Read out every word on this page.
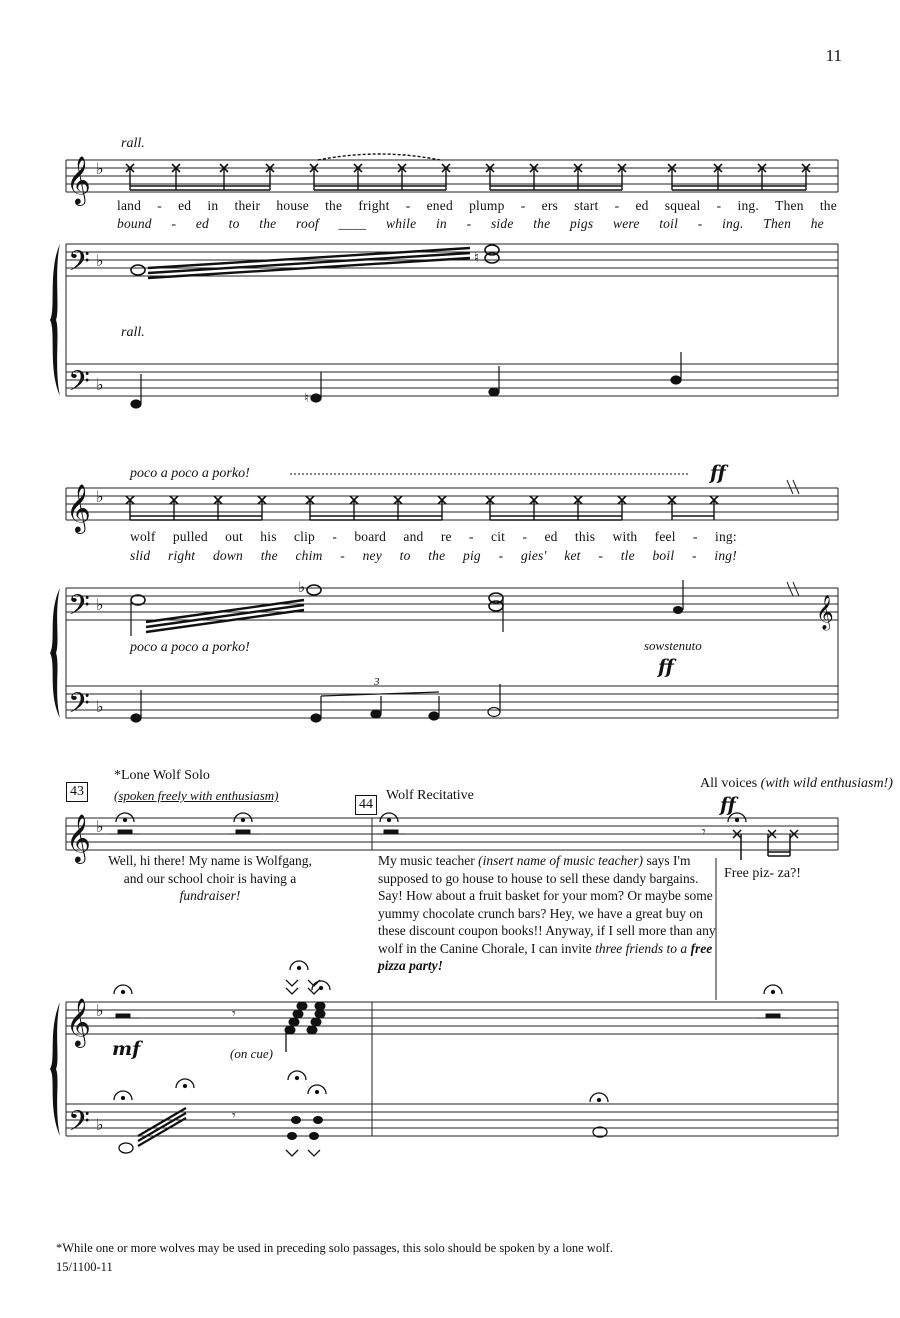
𝄞
𝄢
𝄢
𝄞
𝄢
𝄢
𝄞
𝄞
𝄢
𝄞
♭
♭
♭
♭
♭
♭
♭
♭
♭
♮
♮
♭
𝄾
𝄾
𝄾
11
rall.
rall.
land - ed in their house the fright - ened plump - ers start - ed squeal - ing. Then the
bound - ed to the roof ____ while in - side the pigs were toil - ing. Then he
poco a poco a porko!	ff
poco a poco a porko!	sowstenuto
ff
3
wolf pulled out his clip - board and re - cit - ed this with feel - ing:
slid right down the chim - ney to the pig - gies' ket - tle boil - ing!
43
*Lone Wolf Solo
(spoken freely with enthusiasm)
44
Wolf Recitative
All voices (with wild enthusiasm!)
ff
Free piz- za?!
Well, hi there! My name is Wolfgang, and our school choir is having a fundraiser!
My music teacher (insert name of music teacher) says I'm supposed to go house to house to sell these dandy bargains. Say! How about a fruit basket for your mom? Or maybe some yummy chocolate crunch bars? Hey, we have a great buy on these discount coupon books!! Anyway, if I sell more than any wolf in the Canine Chorale, I can invite three friends to a free pizza party!
mf	(on cue)
*While one or more wolves may be used in preceding solo passages, this solo should be spoken by a lone wolf.
15/1100-11
